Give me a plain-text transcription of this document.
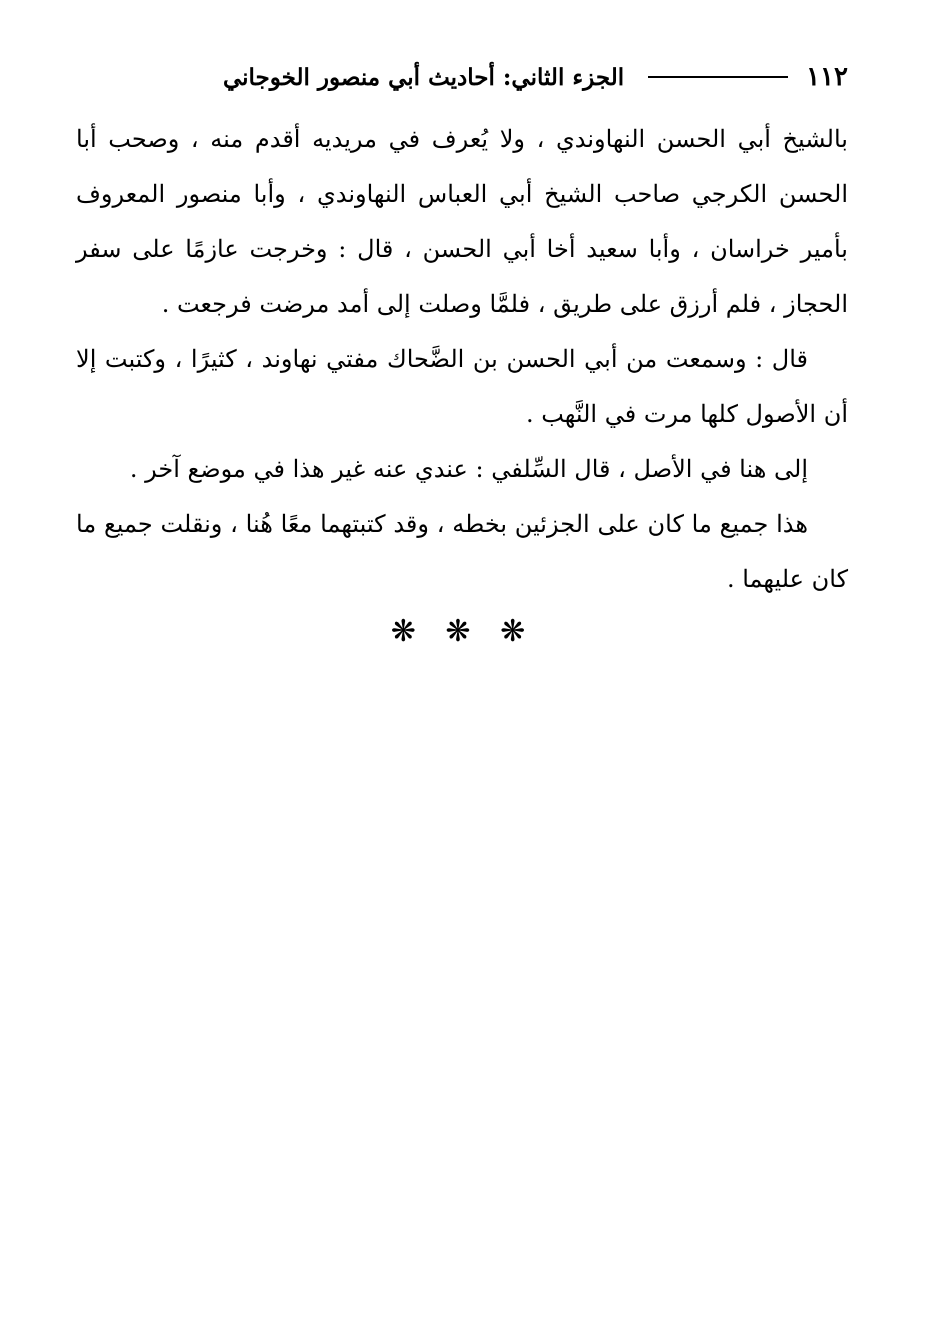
١١٢
الجزء الثاني: أحاديث أبي منصور الخوجاني

بالشيخ أبي الحسن النهاوندي ، ولا يُعرف في مريديه أقدم منه ، وصحب أبا الحسن الكرجي صاحب الشيخ أبي العباس النهاوندي ، وأبا منصور المعروف بأمير خراسان ، وأبا سعيد أخا أبي الحسن ، قال : وخرجت عازمًا على سفر الحجاز ، فلم أرزق على طريق ، فلمَّا وصلت إلى أمد مرضت فرجعت .

قال : وسمعت من أبي الحسن بن الضَّحاك مفتي نهاوند ، كثيرًا ، وكتبت إلا أن الأصول كلها مرت في النَّهب .

إلى هنا في الأصل ، قال السِّلفي : عندي عنه غير هذا في موضع آخر .

هذا جميع ما كان على الجزئين بخطه ، وقد كتبتهما معًا هُنا ، ونقلت جميع ما كان عليهما .

❋ ❋ ❋
